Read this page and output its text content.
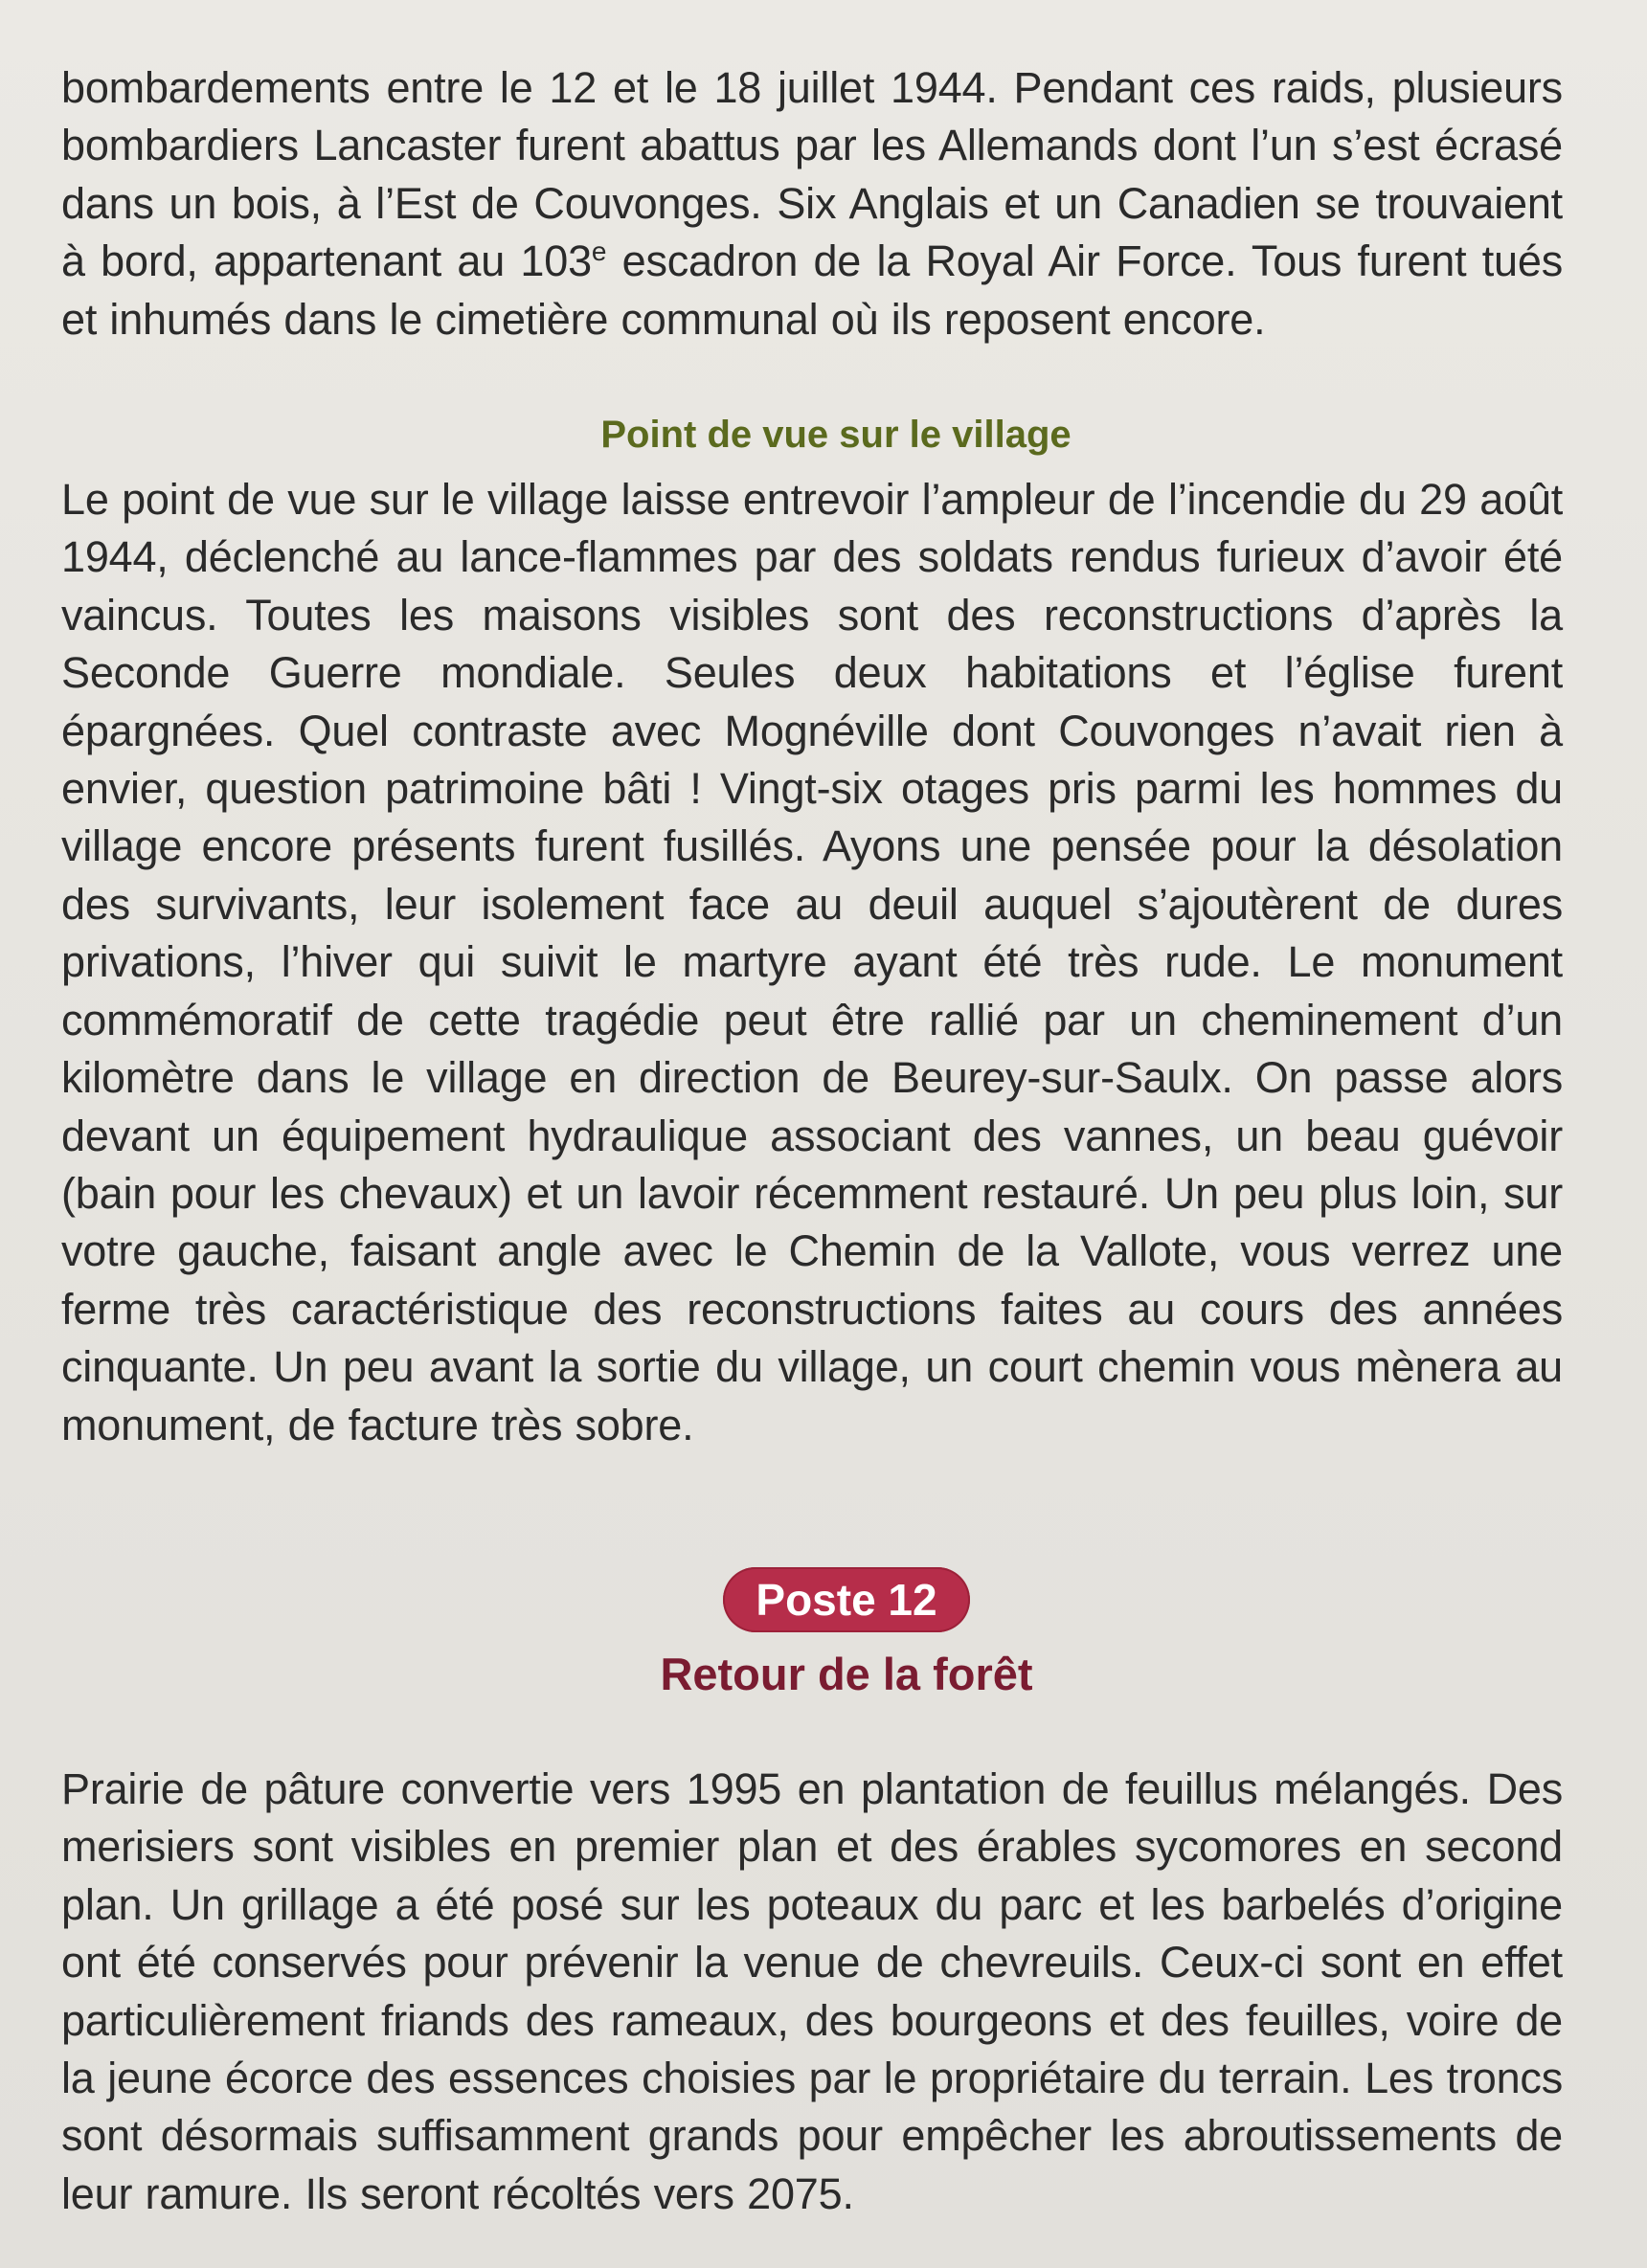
bombardements entre le 12 et le 18 juillet 1944. Pendant ces raids, plusieurs bombardiers Lancaster furent abattus par les Allemands dont l’un s’est écrasé dans un bois, à l’Est de Couvonges. Six Anglais et un Canadien se trouvaient à bord, appartenant au 103e escadron de la Royal Air Force. Tous furent tués et inhumés dans le cimetière communal où ils reposent encore.

Point de vue sur le village

Le point de vue sur le village laisse entrevoir l’ampleur de l’incendie du 29 août 1944, déclenché au lance-flammes par des soldats rendus furieux d’avoir été vaincus. Toutes les maisons visibles sont des reconstructions d’après la Seconde Guerre mondiale. Seules deux habitations et l’église furent épargnées. Quel contraste avec Mognéville dont Couvonges n’avait rien à envier, question patrimoine bâti ! Vingt-six otages pris parmi les hommes du village encore présents furent fusillés. Ayons une pensée pour la désolation des survivants, leur isolement face au deuil auquel s’ajoutèrent de dures privations, l’hiver qui suivit le martyre ayant été très rude. Le monument commémoratif de cette tragédie peut être rallié par un cheminement d’un kilomètre dans le village en direction de Beurey-sur-Saulx. On passe alors devant un équipement hydraulique associant des vannes, un beau guévoir (bain pour les chevaux) et un lavoir récemment restauré. Un peu plus loin, sur votre gauche, faisant angle avec le Chemin de la Vallote, vous verrez une ferme très caractéristique des reconstructions faites au cours des années cinquante. Un peu avant la sortie du village, un court chemin vous mènera au monument, de facture très sobre.

Poste 12
Retour de la forêt

Prairie de pâture convertie vers 1995 en plantation de feuillus mélangés. Des merisiers sont visibles en premier plan et des érables sycomores en second plan. Un grillage a été posé sur les poteaux du parc et les barbelés d’origine ont été conservés pour prévenir la venue de chevreuils. Ceux-ci sont en effet particulièrement friands des rameaux, des bourgeons et des feuilles, voire de la jeune écorce des essences choisies par le propriétaire du terrain. Les troncs sont désormais suffisamment grands pour empêcher les abroutissements de leur ramure. Ils seront récoltés vers 2075.
